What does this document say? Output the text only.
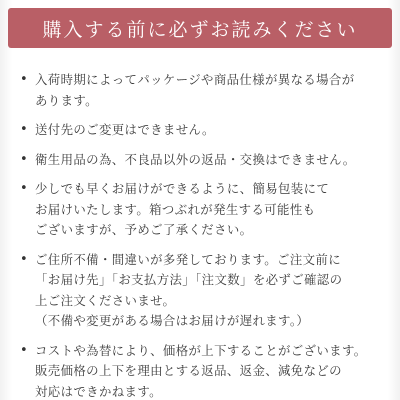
購入する前に必ずお読みください
• 入荷時期によってパッケージや商品仕様が異なる場合が
あります。
• 送付先のご変更はできません。
• 衛生用品の為、不良品以外の返品・交換はできません。
• 少しでも早くお届けができるように、簡易包装にて
お届けいたします。箱つぶれが発生する可能性も
ございますが、予めご了承ください。
• ご住所不備・間違いが多発しております。ご注文前に
「お届け先」「お支払方法」「注文数」を必ずご確認の
上ご注文くださいませ。
（不備や変更がある場合はお届けが遅れます。）
• コストや為替により、価格が上下することがございます。
販売価格の上下を理由とする返品、返金、減免などの
対応はできかねます。
